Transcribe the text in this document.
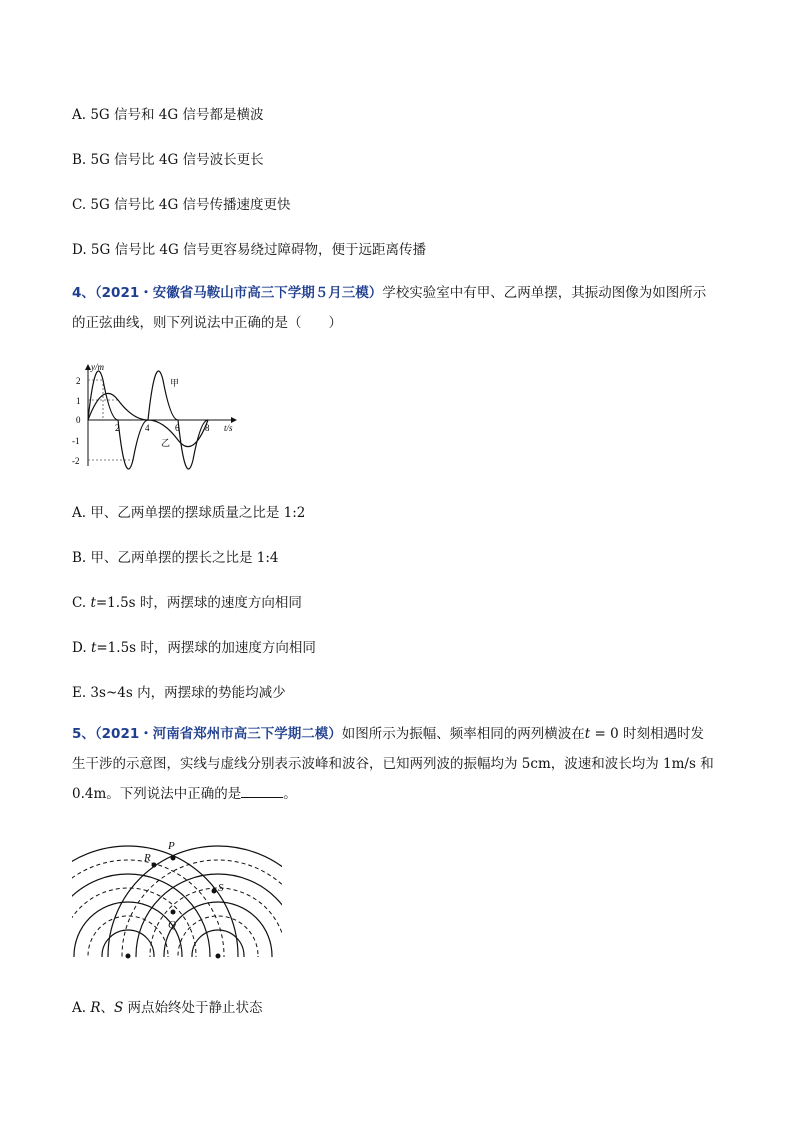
A. 5G 信号和 4G 信号都是横波
B. 5G 信号比 4G 信号波长更长
C. 5G 信号比 4G 信号传播速度更快
D. 5G 信号比 4G 信号更容易绕过障碍物，便于远距离传播
4、（2021・安徽省马鞍山市高三下学期５月三模）学校实验室中有甲、乙两单摆，其振动图像为如图所示
的正弦曲线，则下列说法中正确的是（　　）
2
1
0
-1
-2
2	4	6	8
y/m
t/s
甲
乙
A. 甲、乙两单摆的摆球质量之比是 1:2
B. 甲、乙两单摆的摆长之比是 1:4
C. t=1.5s 时，两摆球的速度方向相同
D. t=1.5s 时，两摆球的加速度方向相同
E. 3s~4s 内，两摆球的势能均减少
5、（2021・河南省郑州市高三下学期二模）如图所示为振幅、频率相同的两列横波在t = 0 时刻相遇时发
生干涉的示意图，实线与虚线分别表示波峰和波谷，已知两列波的振幅均为 5cm，波速和波长均为 1m/s 和
0.4m。下列说法中正确的是	。
P
R
S
Q
A. R、S 两点始终处于静止状态
